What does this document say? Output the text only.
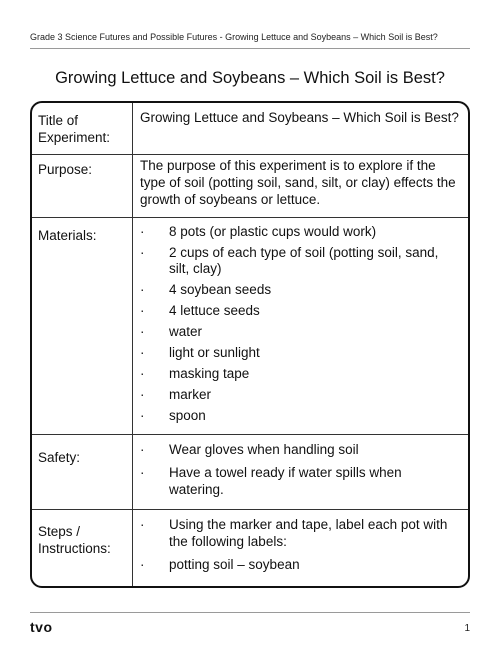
Grade 3 Science Futures and Possible Futures - Growing Lettuce and Soybeans – Which Soil is Best?
Growing Lettuce and Soybeans – Which Soil is Best?
Title of Experiment:
Growing Lettuce and Soybeans – Which Soil is Best?
Purpose:	The purpose of this experiment is to explore if the type of soil (potting soil, sand, silt, or clay) effects the growth of soybeans or lettuce.
Materials:	· 8 pots (or plastic cups would work)
· 2 cups of each type of soil (potting soil, sand, silt, clay)
· 4 soybean seeds
· 4 lettuce seeds
· water
· light or sunlight
· masking tape
· marker
· spoon
Safety:
· Wear gloves when handling soil
· Have a towel ready if water spills when watering.
Steps / Instructions:
· Using the marker and tape, label each pot with the following labels:
· potting soil – soybean
tvo	1
